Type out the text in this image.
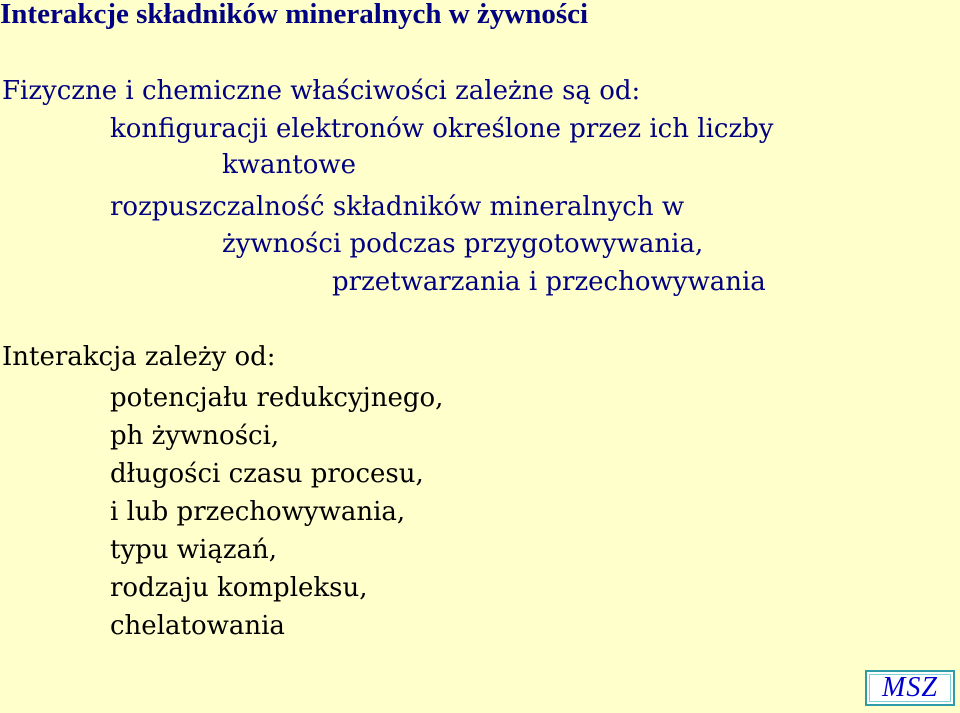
Interakcje składników mineralnych w żywności
Fizyczne i chemiczne właściwości zależne są od:
konfiguracji elektronów określone przez ich liczby
kwantowe
rozpuszczalność składników mineralnych w
żywności podczas przygotowywania,
przetwarzania i przechowywania
Interakcja zależy od:
potencjału redukcyjnego,
ph żywności,
długości czasu procesu,
i lub przechowywania,
typu wiązań,
rodzaju kompleksu,
chelatowania
MSZ
